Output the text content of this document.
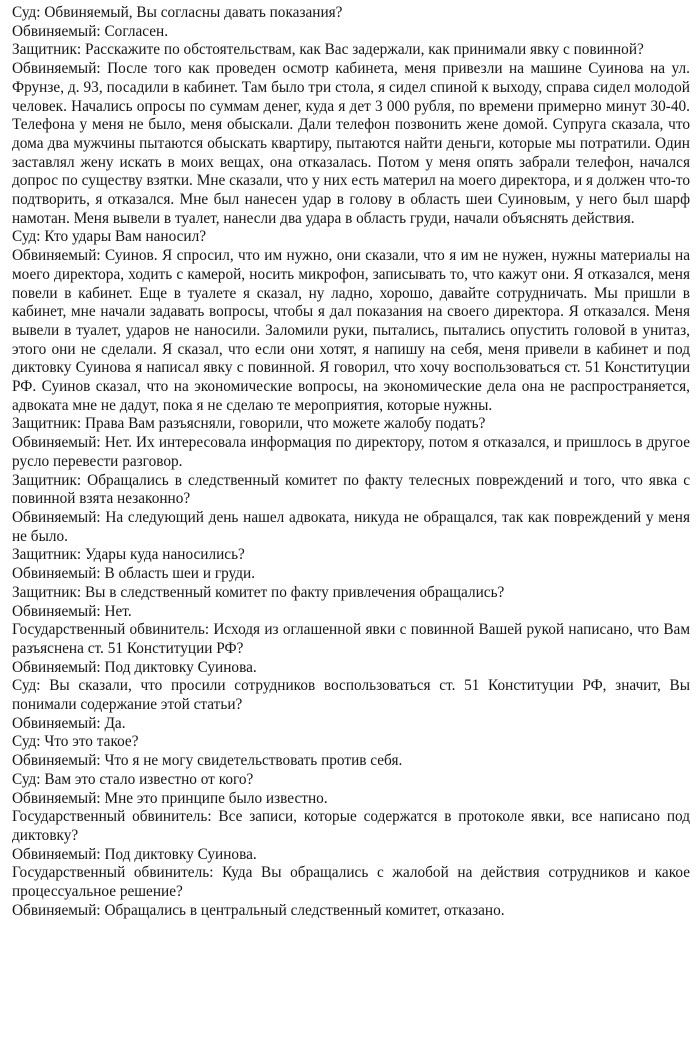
Суд: Обвиняемый, Вы согласны давать показания?

Обвиняемый: Согласен.

Защитник: Расскажите по обстоятельствам, как Вас задержали, как принимали явку с повинной?

Обвиняемый: После того как проведен осмотр кабинета, меня привезли на машине Суинова на ул. Фрунзе, д. 93, посадили в кабинет. Там было три стола, я сидел спиной к выходу, справа сидел молодой человек. Начались опросы по суммам денег, куда я дет 3 000 рубля, по времени примерно минут 30-40. Телефона у меня не было, меня обыскали. Дали телефон позвонить жене домой. Супруга сказала, что дома два мужчины пытаются обыскать квартиру, пытаются найти деньги, которые мы потратили. Один заставлял жену искать в моих вещах, она отказалась. Потом у меня опять забрали телефон, начался допрос по существу взятки. Мне сказали, что у них есть материл на моего директора, и я должен что-то подтворить, я отказался. Мне был нанесен удар в голову в область шеи Суиновым, у него был шарф намотан. Меня вывели в туалет, нанесли два удара в область груди, начали объяснять действия.

Суд: Кто удары Вам наносил?

Обвиняемый: Суинов. Я спросил, что им нужно, они сказали, что я им не нужен, нужны материалы на моего директора, ходить с камерой, носить микрофон, записывать то, что кажут они. Я отказался, меня повели в кабинет. Еще в туалете я сказал, ну ладно, хорошо, давайте сотрудничать. Мы пришли в кабинет, мне начали задавать вопросы, чтобы я дал показания на своего директора. Я отказался. Меня вывели в туалет, ударов не наносили. Заломили руки, пытались, пытались опустить головой в унитаз, этого они не сделали. Я сказал, что если они хотят, я напишу на себя, меня привели в кабинет и под диктовку Суинова я написал явку с повинной. Я говорил, что хочу воспользоваться ст. 51 Конституции РФ. Суинов сказал, что на экономические вопросы, на экономические дела она не распространяется, адвоката мне не дадут, пока я не сделаю те мероприятия, которые нужны.

Защитник: Права Вам разъясняли, говорили, что можете жалобу подать?

Обвиняемый: Нет. Их интересовала информация по директору, потом я отказался, и пришлось в другое русло перевести разговор.

Защитник: Обращались в следственный комитет по факту телесных повреждений и того, что явка с повинной взята незаконно?

Обвиняемый: На следующий день нашел адвоката, никуда не обращался, так как повреждений у меня не было.

Защитник: Удары куда наносились?

Обвиняемый: В область шеи и груди.

Защитник: Вы в следственный комитет по факту привлечения обращались?

Обвиняемый: Нет.

Государственный обвинитель: Исходя из оглашенной явки с повинной Вашей рукой написано, что Вам разъяснена ст. 51 Конституции РФ?

Обвиняемый: Под диктовку Суинова.

Суд: Вы сказали, что просили сотрудников воспользоваться ст. 51 Конституции РФ, значит, Вы понимали содержание этой статьи?

Обвиняемый: Да.

Суд: Что это такое?

Обвиняемый: Что я не могу свидетельствовать против себя.

Суд: Вам это стало известно от кого?

Обвиняемый: Мне это принципе было известно.

Государственный обвинитель: Все записи, которые содержатся в протоколе явки, все написано под диктовку?

Обвиняемый: Под диктовку Суинова.

Государственный обвинитель: Куда Вы обращались с жалобой на действия сотрудников и какое процессуальное решение?

Обвиняемый: Обращались в центральный следственный комитет, отказано.
